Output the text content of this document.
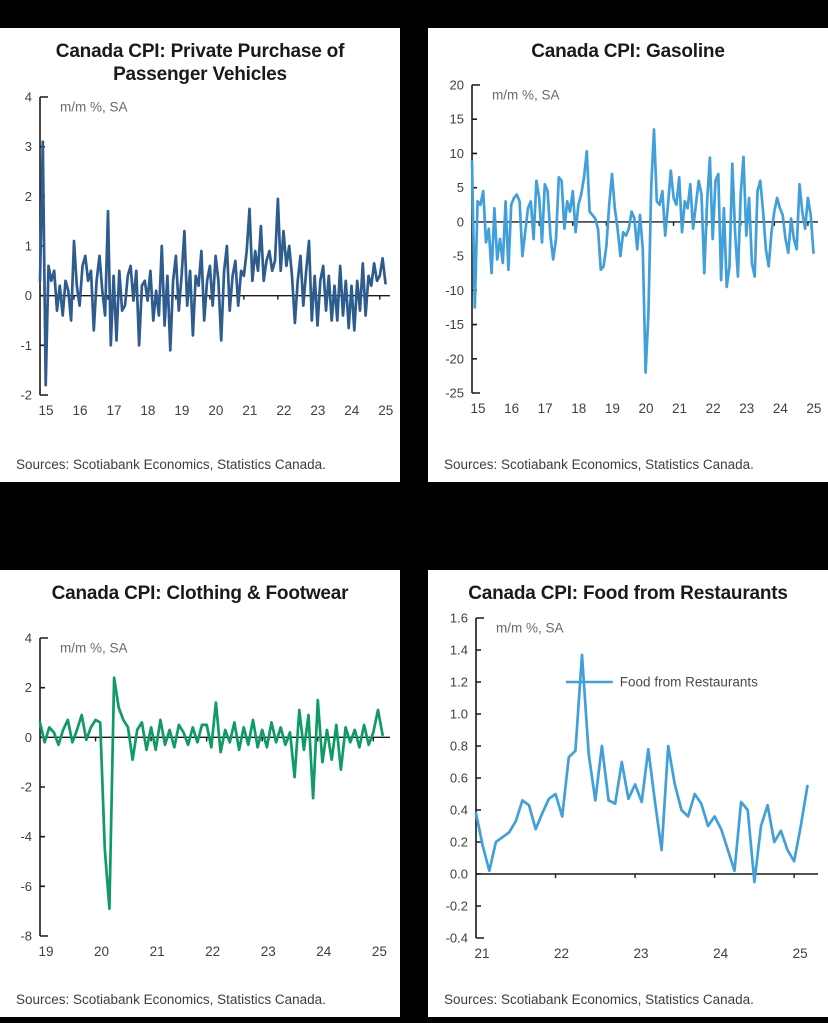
-2
-1
0
1
2
3
4
15 16 17 18 19 20 21 22 23 24 25
m/m %, SA
Canada CPI: Private Purchase of Passenger Vehicles
Sources: Scotiabank Economics, Statistics Canada.
-25
-20
-15
-10
-5
0
5
10
15
20
15 16 17 18 19 20 21 22 23 24 25
m/m %, SA
Canada CPI: Gasoline
Sources: Scotiabank Economics, Statistics Canada.
-8
-6
-4
-2
0
2
4
19	20	21	22	23	24	25
m/m %, SA
Canada CPI: Clothing & Footwear
Sources: Scotiabank Economics, Statistics Canada.
-0.4
-0.2
0.0
0.2
0.4
0.6
0.8
1.0
1.2
1.4
1.6
21	22	23	24	25
m/m %, SA
Food from Restaurants
Canada CPI: Food from Restaurants
Sources: Scotiabank Economics, Statistics Canada.
